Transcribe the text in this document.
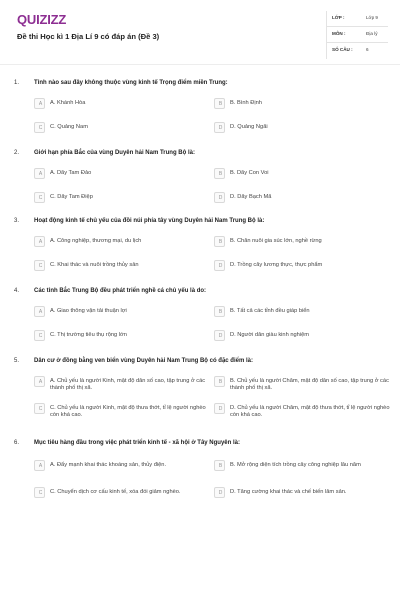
QUIZIZZ
Đề thi Học kì 1 Địa Lí 9 có đáp án (Đề 3)
LỚP :	Lớp 9
MÔN :	Địa lý
SỐ CÂU :	6
1. Tỉnh nào sau đây không thuộc vùng kinh tế Trọng điểm miền Trung:
A	A. Khánh Hòa	B	B. Bình Định
C	C. Quảng Nam	D	D. Quảng Ngãi
2. Giới hạn phía Bắc của vùng Duyên hải Nam Trung Bộ là:
A	A. Dãy Tam Đảo	B	B. Dãy Con Voi
C	C. Dãy Tam Điệp	D	D. Dãy Bạch Mã
3. Hoạt động kinh tế chủ yếu của đồi núi phía tây vùng Duyên hải Nam Trung Bộ là:
A	A. Công nghiệp, thương mại, du lịch	B	B. Chăn nuôi gia súc lớn, nghề rừng
C	C. Khai thác và nuôi trồng thủy sản	D	D. Trồng cây lương thực, thực phẩm
4. Các tỉnh Bắc Trung Bộ đều phát triển nghề cá chủ yếu là do:
A	A. Giao thông vận tải thuận lợi	B	B. Tất cả các tỉnh đều giáp biển
C	C. Thị trường tiêu thụ rộng lớn	D	D. Người dân giàu kinh nghiệm
5. Dân cư ở đồng bằng ven biển vùng Duyên hải Nam Trung Bộ có đặc điểm là:
A	A. Chủ yếu là người Kinh, mật độ dân số cao, tập trung ở các thành phố thị xã.
B	B. Chủ yếu là người Chăm, mật độ dân số cao, tập trung ở các thành phố thị xã.
C	C. Chủ yếu là người Kinh, mật độ thưa thớt, tỉ lệ người nghèo còn khá cao.
D	D. Chủ yếu là người Chăm, mật độ thưa thớt, tỉ lệ người nghèo còn khá cao.
6. Mục tiêu hàng đầu trong việc phát triển kinh tế - xã hội ở Tây Nguyên là:
A	A. Đẩy mạnh khai thác khoáng sản, thủy điện.	B	B. Mở rộng diện tích trồng cây công nghiệp lâu năm
C	C. Chuyển dịch cơ cấu kinh tế, xóa đói giảm nghèo.	D	D. Tăng cường khai thác và chế biến lâm sản.
